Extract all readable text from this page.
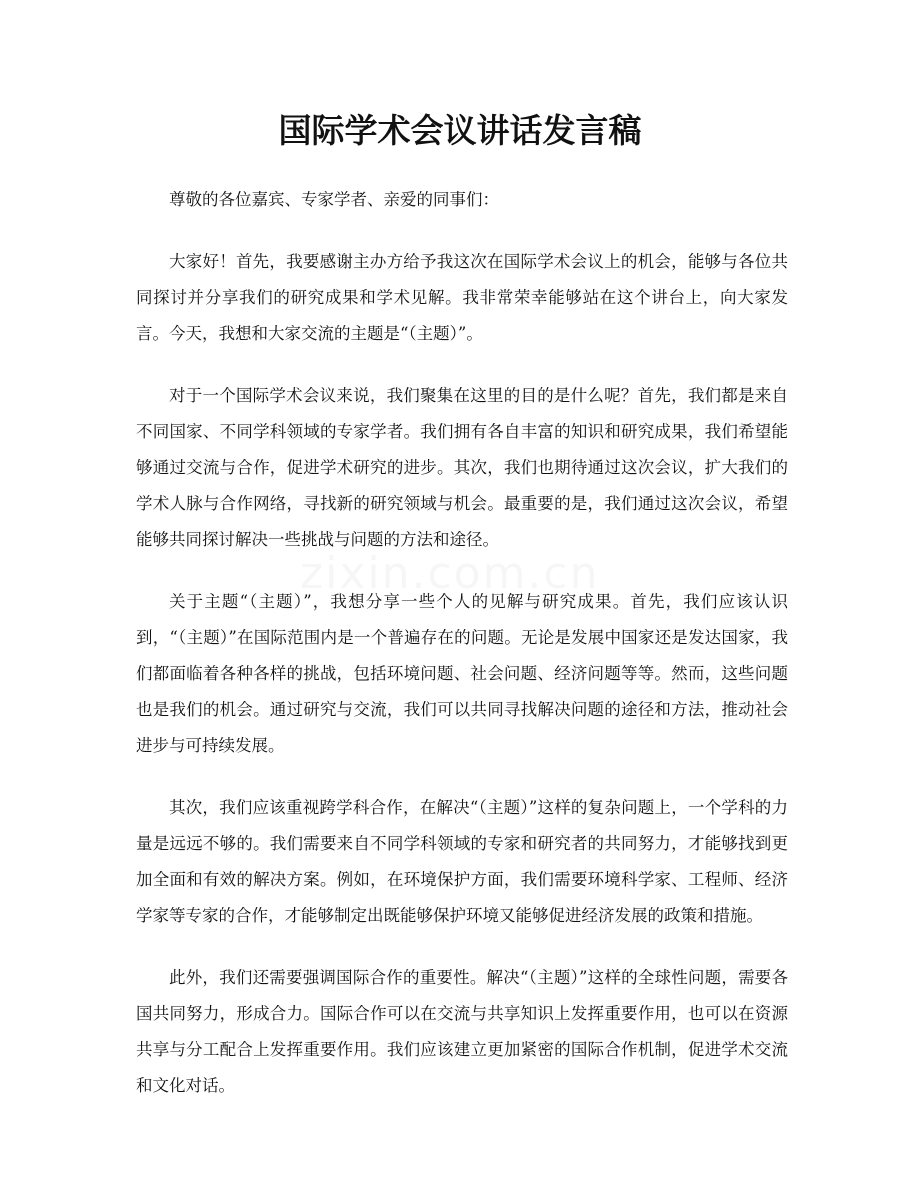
国际学术会议讲话发言稿

尊敬的各位嘉宾、专家学者、亲爱的同事们：

大家好！首先，我要感谢主办方给予我这次在国际学术会议上的机会，能够与各位共同探讨并分享我们的研究成果和学术见解。我非常荣幸能够站在这个讲台上，向大家发言。今天，我想和大家交流的主题是“（主题）”。

对于一个国际学术会议来说，我们聚集在这里的目的是什么呢？首先，我们都是来自不同国家、不同学科领域的专家学者。我们拥有各自丰富的知识和研究成果，我们希望能够通过交流与合作，促进学术研究的进步。其次，我们也期待通过这次会议，扩大我们的学术人脉与合作网络，寻找新的研究领域与机会。最重要的是，我们通过这次会议，希望能够共同探讨解决一些挑战与问题的方法和途径。

关于主题“（主题）”，我想分享一些个人的见解与研究成果。首先，我们应该认识到，“（主题）”在国际范围内是一个普遍存在的问题。无论是发展中国家还是发达国家，我们都面临着各种各样的挑战，包括环境问题、社会问题、经济问题等等。然而，这些问题也是我们的机会。通过研究与交流，我们可以共同寻找解决问题的途径和方法，推动社会进步与可持续发展。

其次，我们应该重视跨学科合作，在解决“（主题）”这样的复杂问题上，一个学科的力量是远远不够的。我们需要来自不同学科领域的专家和研究者的共同努力，才能够找到更加全面和有效的解决方案。例如，在环境保护方面，我们需要环境科学家、工程师、经济学家等专家的合作，才能够制定出既能够保护环境又能够促进经济发展的政策和措施。

此外，我们还需要强调国际合作的重要性。解决“（主题）”这样的全球性问题，需要各国共同努力，形成合力。国际合作可以在交流与共享知识上发挥重要作用，也可以在资源共享与分工配合上发挥重要作用。我们应该建立更加紧密的国际合作机制，促进学术交流和文化对话。
